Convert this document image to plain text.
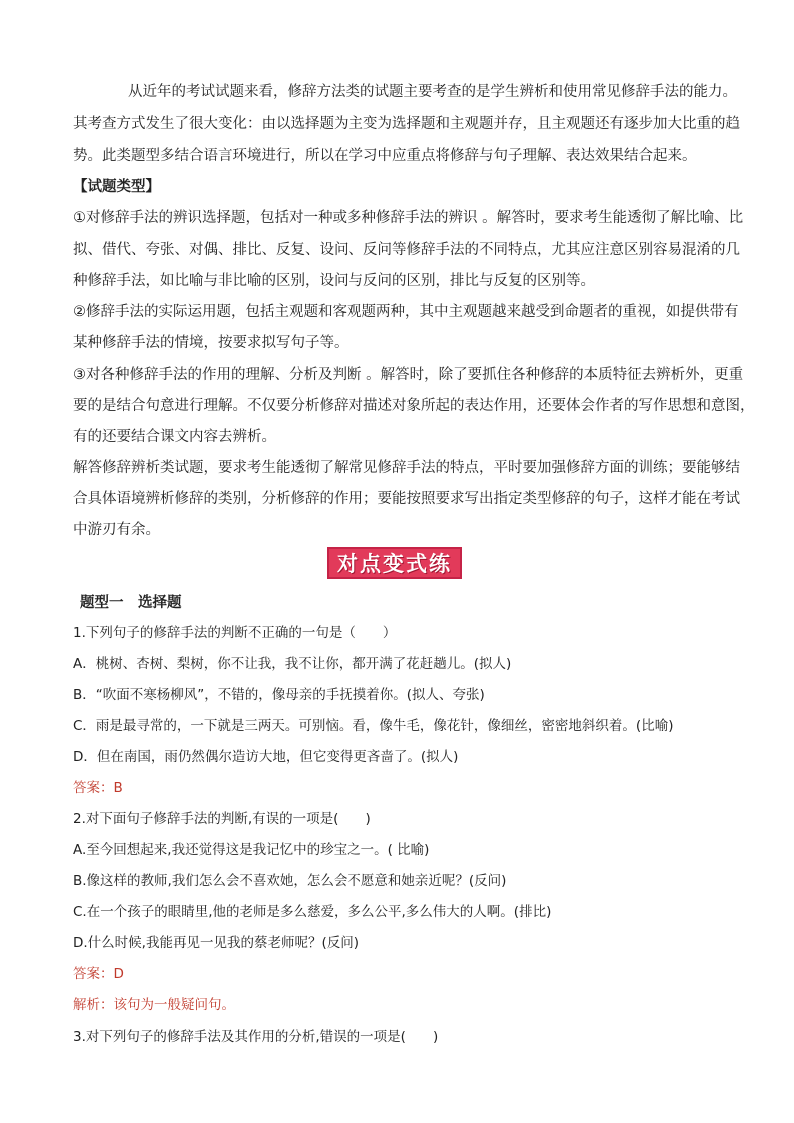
从近年的考试试题来看，修辞方法类的试题主要考查的是学生辨析和使用常见修辞手法的能力。
其考查方式发生了很大变化：由以选择题为主变为选择题和主观题并存，且主观题还有逐步加大比重的趋
势。此类题型多结合语言环境进行，所以在学习中应重点将修辞与句子理解、表达效果结合起来。
【试题类型】
①对修辞手法的辨识选择题，包括对一种或多种修辞手法的辨识 。解答时，要求考生能透彻了解比喻、比
拟、借代、夸张、对偶、排比、反复、设问、反问等修辞手法的不同特点，尤其应注意区别容易混淆的几
种修辞手法，如比喻与非比喻的区别，设问与反问的区别，排比与反复的区别等。
②修辞手法的实际运用题，包括主观题和客观题两种，其中主观题越来越受到命题者的重视，如提供带有
某种修辞手法的情境，按要求拟写句子等。
③对各种修辞手法的作用的理解、分析及判断 。解答时，除了要抓住各种修辞的本质特征去辨析外，更重
要的是结合句意进行理解。不仅要分析修辞对描述对象所起的表达作用，还要体会作者的写作思想和意图，
有的还要结合课文内容去辨析。
解答修辞辨析类试题，要求考生能透彻了解常见修辞手法的特点，平时要加强修辞方面的训练；要能够结
合具体语境辨析修辞的类别，分析修辞的作用；要能按照要求写出指定类型修辞的句子，这样才能在考试
中游刃有余。
对点变式练
题型一　选择题
1.下列句子的修辞手法的判断不正确的一句是（　　）
A．桃树、杏树、梨树，你不让我，我不让你，都开满了花赶趟儿。(拟人)
B．“吹面不寒杨柳风”，不错的，像母亲的手抚摸着你。(拟人、夸张)
C．雨是最寻常的，一下就是三两天。可别恼。看，像牛毛，像花针，像细丝，密密地斜织着。(比喻)
D．但在南国，雨仍然偶尔造访大地，但它变得更吝啬了。(拟人)
答案：B
2.对下面句子修辞手法的判断,有误的一项是(　　)
A.至今回想起来,我还觉得这是我记忆中的珍宝之一。( 比喻)
B.像这样的教师,我们怎么会不喜欢她，怎么会不愿意和她亲近呢？(反问)
C.在一个孩子的眼睛里,他的老师是多么慈爱，多么公平,多么伟大的人啊。(排比)
D.什么时候,我能再见一见我的蔡老师呢？(反问)
答案：D
解析：该句为一般疑问句。
3.对下列句子的修辞手法及其作用的分析,错误的一项是(　　)
